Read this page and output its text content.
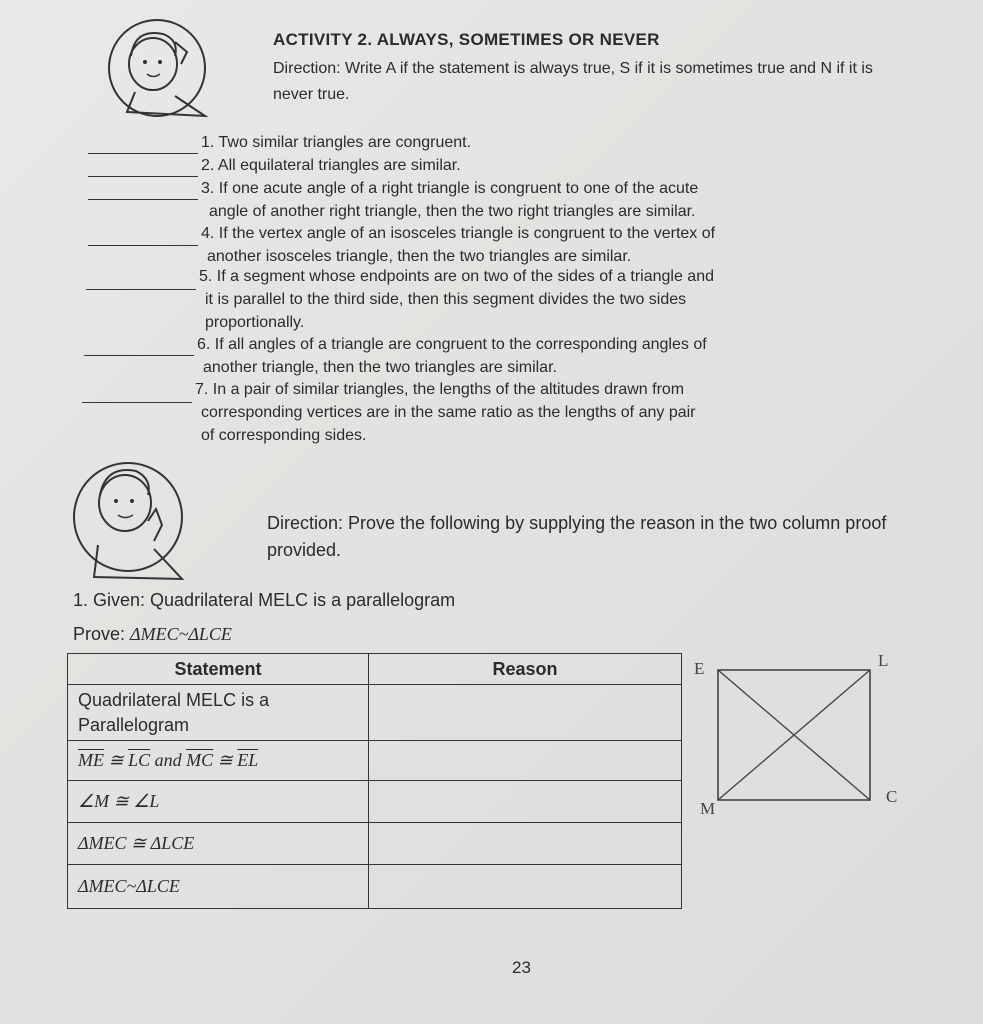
ACTIVITY 2. ALWAYS, SOMETIMES OR NEVER
Direction: Write A if the statement is always true, S if it is sometimes true and N if it is never true.
1. Two similar triangles are congruent.
2. All equilateral triangles are similar.
3. If one acute angle of a right triangle is congruent to one of the acute
angle of another right triangle, then the two right triangles are similar.
4. If the vertex angle of an isosceles triangle is congruent to the vertex of
another isosceles triangle, then the two triangles are similar.
5. If a segment whose endpoints are on two of the sides of a triangle and
it is parallel to the third side, then this segment divides the two sides
proportionally.
6. If all angles of a triangle are congruent to the corresponding angles of
another triangle, then the two triangles are similar.
7. In a pair of similar triangles, the lengths of the altitudes drawn from
corresponding vertices are in the same ratio as the lengths of any pair
of corresponding sides.
Direction: Prove the following by supplying the reason in the two column proof provided.
1. Given: Quadrilateral MELC is a parallelogram
Prove: ΔMEC~ΔLCE
Statement	Reason
Quadrilateral MELC is a Parallelogram	
$\overline{ME}$ ≅ $\overline{LC}$ and $\overline{MC}$ ≅ $\overline{EL}$	
∠M ≅ ∠L	
ΔMEC ≅ ΔLCE	
ΔMEC~ΔLCE	
E	L
M
C
23
